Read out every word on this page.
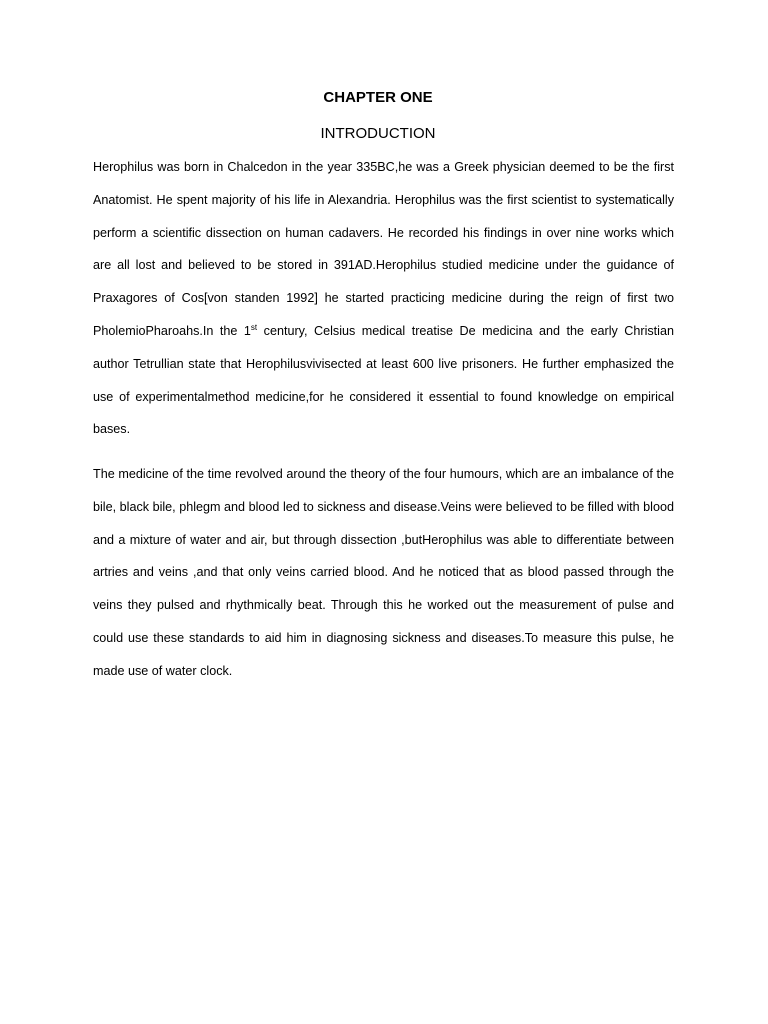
CHAPTER ONE
INTRODUCTION

Herophilus was born in Chalcedon in the year 335BC,he was a Greek physician deemed to be the first Anatomist. He spent majority of his life in Alexandria. Herophilus was the first scientist to systematically perform a scientific dissection on human cadavers. He recorded his findings in over nine works which are all lost and believed to be stored in 391AD.Herophilus studied medicine under the guidance of Praxagores of Cos[von standen 1992] he started practicing medicine during the reign of first two PholemioPharoahs.In the 1st century, Celsius medical treatise De medicina and the early Christian author Tetrullian state that Herophilusvivisected at least 600 live prisoners. He further emphasized the use of experimentalmethod medicine,for he considered it essential to found knowledge on empirical bases.

The medicine of the time revolved around the theory of the four humours, which are an imbalance of the bile, black bile, phlegm and blood led to sickness and disease.Veins were believed to be filled with blood and a mixture of water and air, but through dissection ,butHerophilus was able to differentiate between artries and veins ,and that only veins carried blood. And he noticed that as blood passed through the veins they pulsed and rhythmically beat. Through this he worked out the measurement of pulse and could use these standards to aid him in diagnosing sickness and diseases.To measure this pulse, he made use of water clock.
